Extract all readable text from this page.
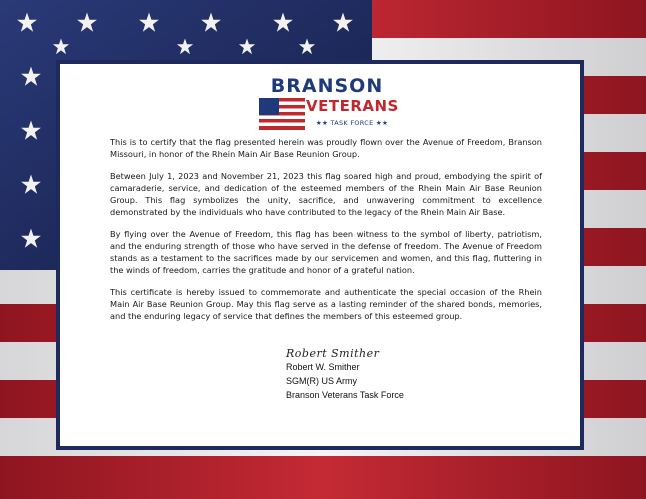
BRANSON
VETERANS
★★ TASK FORCE ★★

This is to certify that the flag presented herein was proudly flown over the Avenue of Freedom, Branson Missouri, in honor of the Rhein Main Air Base Reunion Group.

Between July 1, 2023 and November 21, 2023 this flag soared high and proud, embodying the spirit of camaraderie, service, and dedication of the esteemed members of the Rhein Main Air Base Reunion Group. This flag symbolizes the unity, sacrifice, and unwavering commitment to excellence demonstrated by the individuals who have contributed to the legacy of the Rhein Main Air Base.

By flying over the Avenue of Freedom, this flag has been witness to the symbol of liberty, patriotism, and the enduring strength of those who have served in the defense of freedom. The Avenue of Freedom stands as a testament to the sacrifices made by our servicemen and women, and this flag, fluttering in the winds of freedom, carries the gratitude and honor of a grateful nation.

This certificate is hereby issued to commemorate and authenticate the special occasion of the Rhein Main Air Base Reunion Group. May this flag serve as a lasting reminder of the shared bonds, memories, and the enduring legacy of service that defines the members of this esteemed group.

Robert Smither
Robert W. Smither
SGM(R) US Army
Branson Veterans Task Force
